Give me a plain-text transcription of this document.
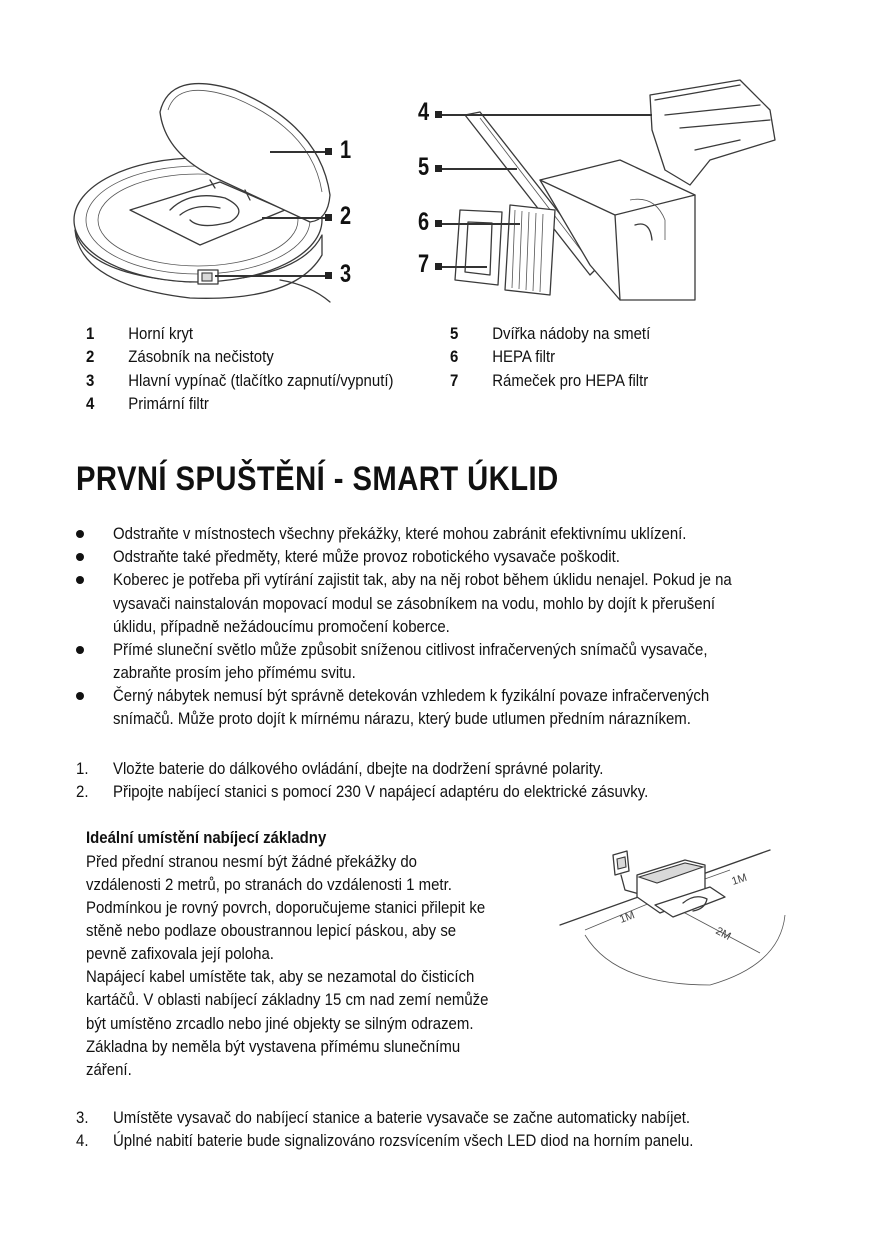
1
2
3
4
5
6
7
1 Horní kryt
2 Zásobník na nečistoty
3 Hlavní vypínač (tlačítko zapnutí/vypnutí)
4 Primární filtr
5 Dvířka nádoby na smetí
6 HEPA filtr
7 Rámeček pro HEPA filtr
PRVNÍ SPUŠTĚNÍ - SMART ÚKLID
Odstraňte v místnostech všechny překážky, které mohou zabránit efektivnímu uklízení.
Odstraňte také předměty, které může provoz robotického vysavače poškodit.
Koberec je potřeba při vytírání zajistit tak, aby na něj robot během úklidu nenajel. Pokud je na
vysavači nainstalován mopovací modul se zásobníkem na vodu, mohlo by dojít k přerušení
úklidu, případně nežádoucímu promočení koberce.
Přímé sluneční světlo může způsobit sníženou citlivost infračervených snímačů vysavače,
zabraňte prosím jeho přímému svitu.
Černý nábytek nemusí být správně detekován vzhledem k fyzikální povaze infračervených
snímačů. Může proto dojít k mírnému nárazu, který bude utlumen předním nárazníkem.
1. Vložte baterie do dálkového ovládání, dbejte na dodržení správné polarity.
2. Připojte nabíjecí stanici s pomocí 230 V napájecí adaptéru do elektrické zásuvky.
Ideální umístění nabíjecí základny
Před přední stranou nesmí být žádné překážky do
vzdálenosti 2 metrů, po stranách do vzdálenosti 1 metr.
Podmínkou je rovný povrch, doporučujeme stanici přilepit ke
stěně nebo podlaze oboustrannou lepicí páskou, aby se
pevně zafixovala její poloha.
Napájecí kabel umístěte tak, aby se nezamotal do čisticích
kartáčů. V oblasti nabíjecí základny 15 cm nad zemí nemůže
být umístěno zrcadlo nebo jiné objekty se silným odrazem.
Základna by neměla být vystavena přímému slunečnímu
záření.
1M
1M
2M
3. Umístěte vysavač do nabíjecí stanice a baterie vysavače se začne automaticky nabíjet.
4. Úplné nabití baterie bude signalizováno rozsvícením všech LED diod na horním panelu.
